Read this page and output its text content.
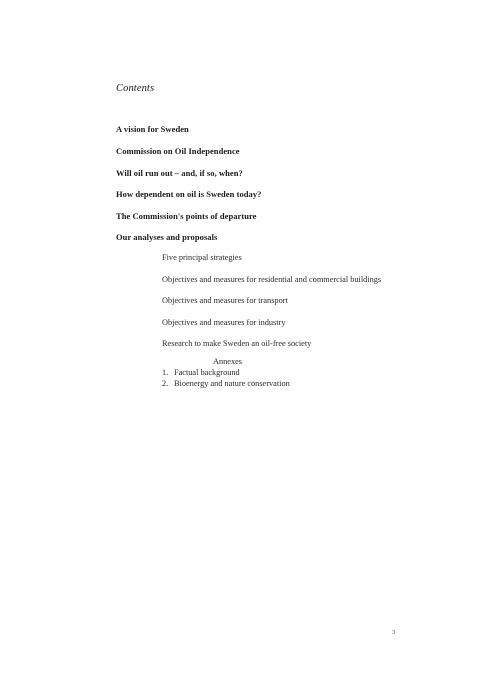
Contents
A vision for Sweden
Commission on Oil Independence
Will oil run out – and, if so, when?
How dependent on oil is Sweden today?
The Commission's points of departure
Our analyses and proposals
Five principal strategies
Objectives and measures for residential and commercial buildings
Objectives and measures for transport
Objectives and measures for industry
Research to make Sweden an oil-free society
Annexes
1. Factual background
2. Bioenergy and nature conservation
3
